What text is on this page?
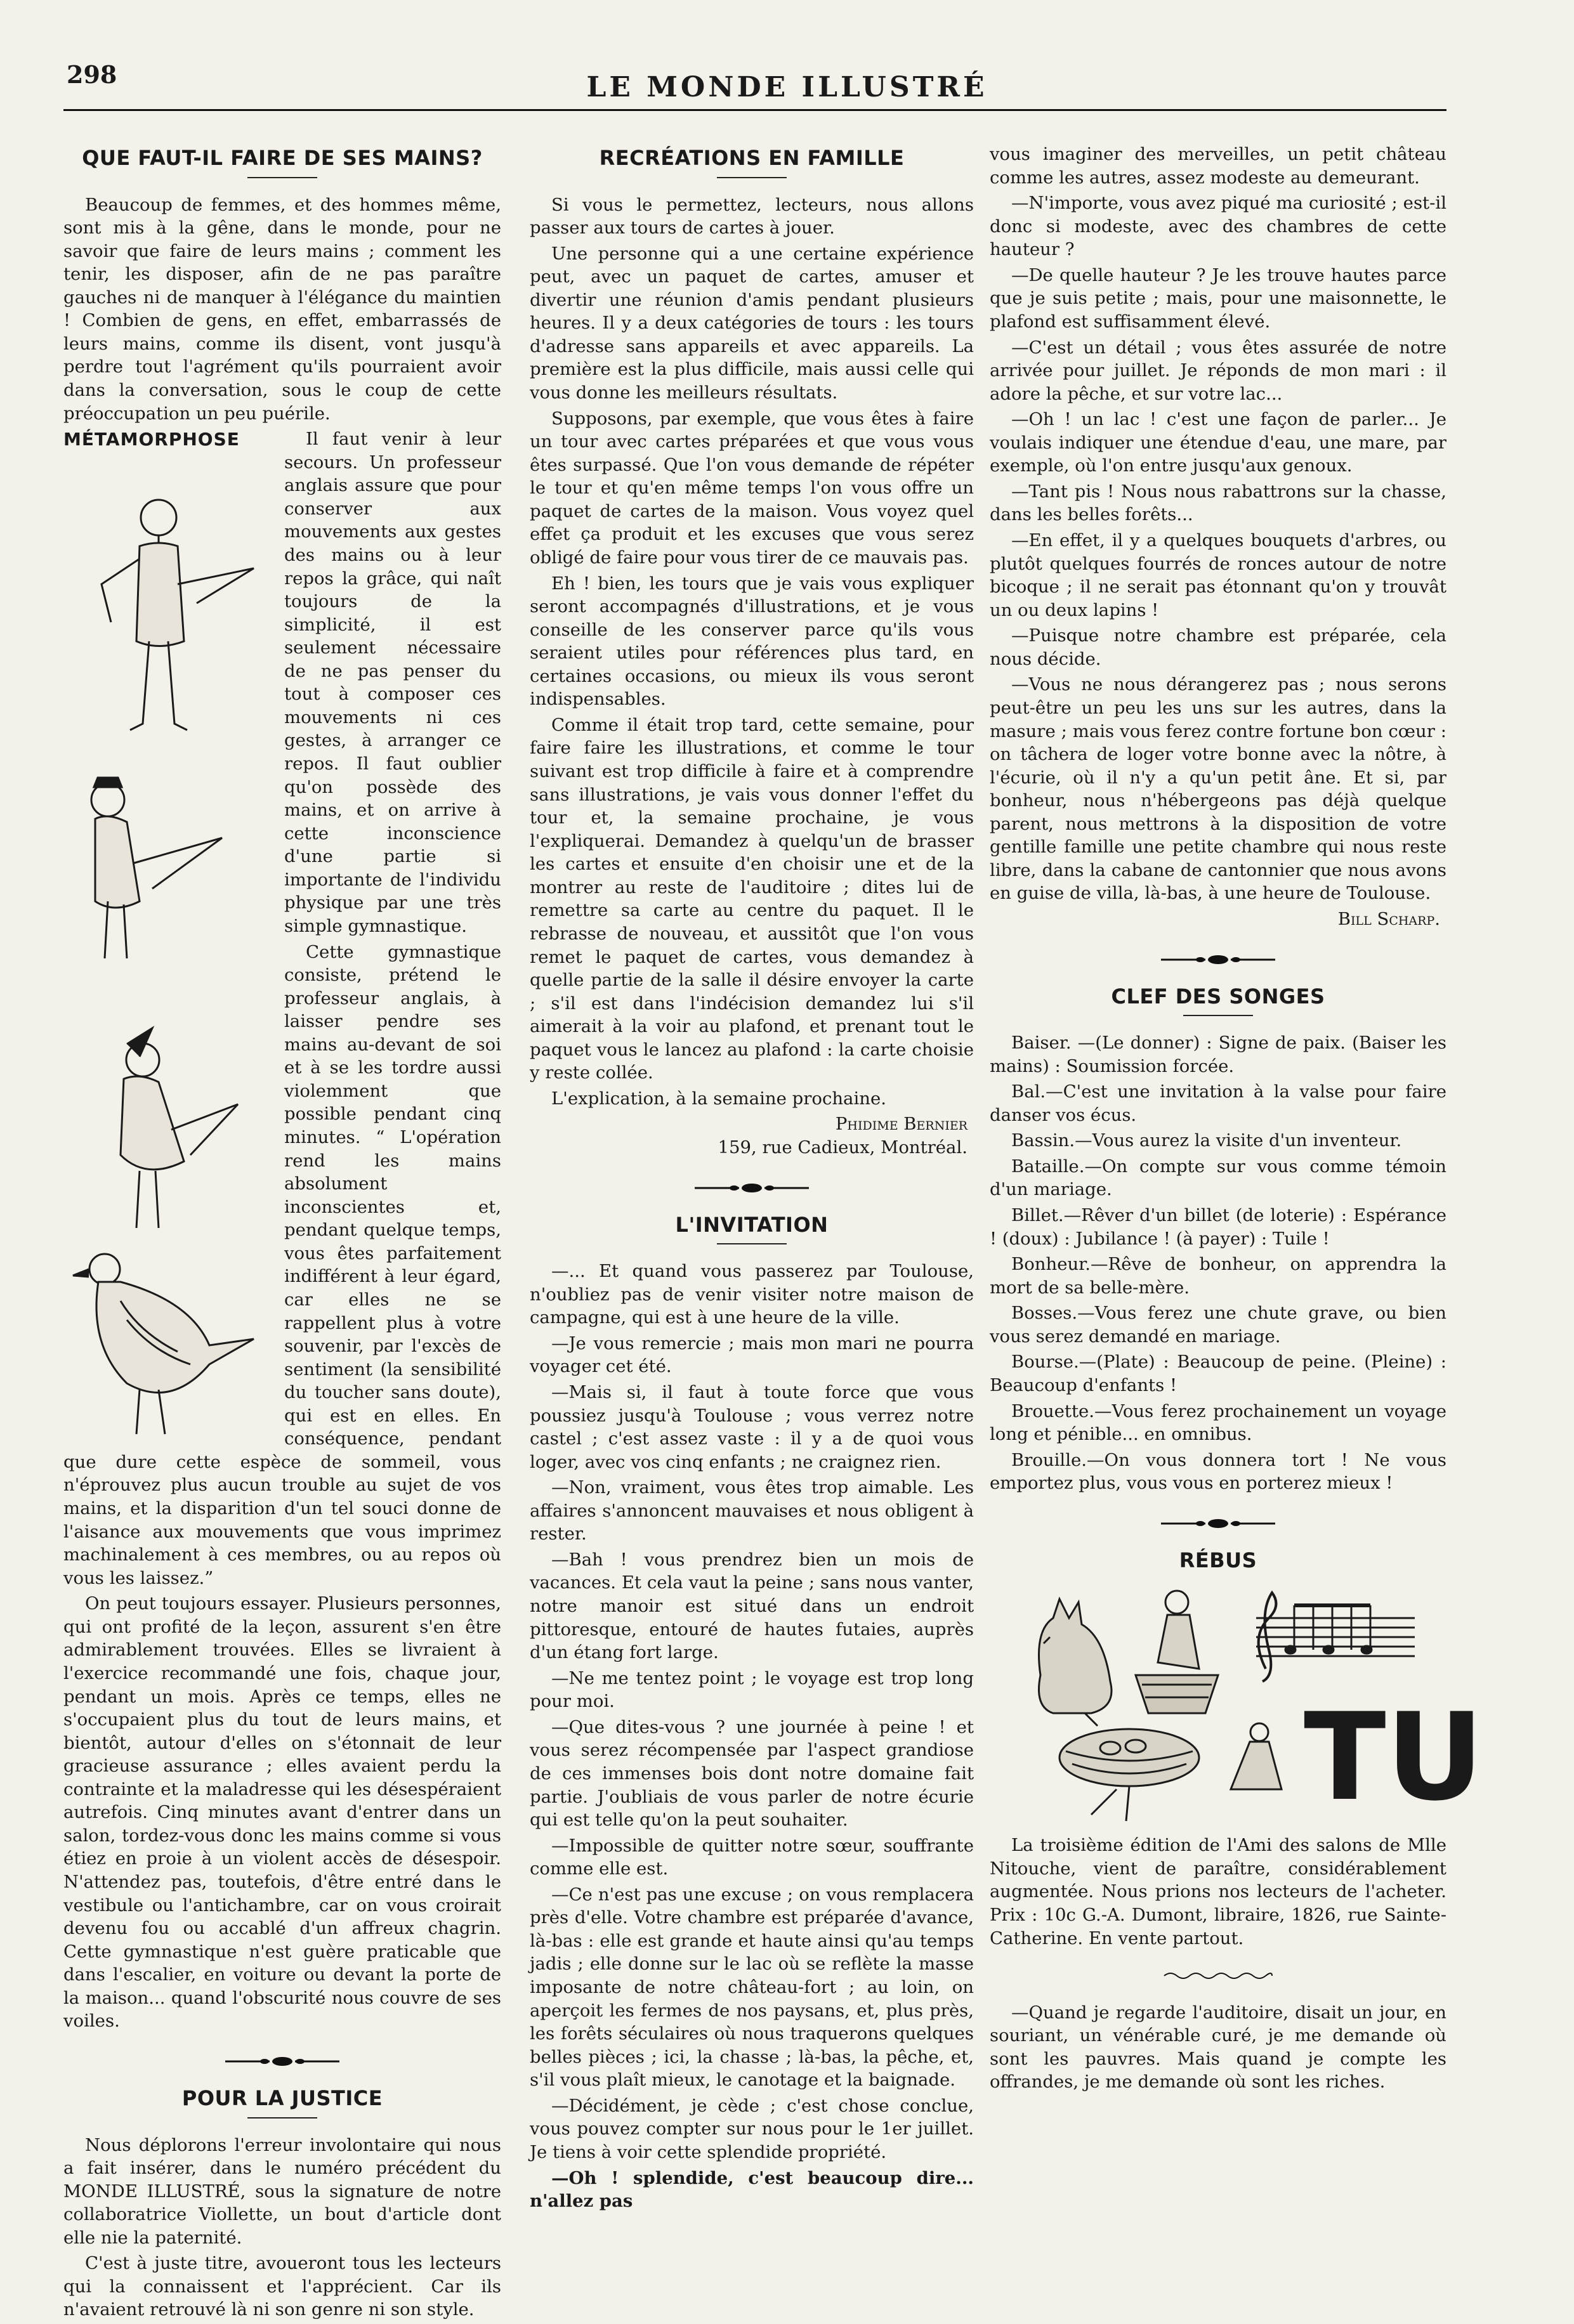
298	LE MONDE ILLUSTRÉ
QUE FAUT-IL FAIRE DE SES MAINS?

Beaucoup de femmes, et des hommes même, sont mis à la gêne, dans le monde, pour ne savoir que faire de leurs mains ; comment les tenir, les disposer, afin de ne pas paraître gauches ni de manquer à l'élégance du maintien ! Combien de gens, en effet, embarrassés de leurs mains, comme ils disent, vont jusqu'à perdre tout l'agrément qu'ils pourraient avoir dans la conversation, sous le coup de cette préoccupation un peu puérile.

MÉTAMORPHOSE	Il faut venir à leur secours. Un professeur anglais assure que pour conserver aux mouvements aux gestes des mains ou à leur repos la grâce, qui naît toujours de la simplicité, il est seulement nécessaire de ne pas penser du tout à composer ces mouvements ni ces gestes, à arranger ce repos. Il faut oublier qu'on possède des mains, et on arrive à cette inconscience d'une partie si importante de l'individu physique par une très simple gymnastique.

Cette gymnastique consiste, prétend le professeur anglais, à laisser pendre ses mains au-devant de soi et à se les tordre aussi violemment que possible pendant cinq minutes. “ L'opération rend les mains absolument inconscientes et, pendant quelque temps, vous êtes parfaitement indifférent à leur égard, car elles ne se rappellent plus à votre souvenir, par l'excès de sentiment (la sensibilité du toucher sans doute), qui est en elles. En conséquence, pendant que dure cette espèce de sommeil, vous n'éprouvez plus aucun trouble au sujet de vos mains, et la disparition d'un tel souci donne de l'aisance aux mouvements que vous imprimez machinalement à ces membres, ou au repos où vous les laissez.”

On peut toujours essayer. Plusieurs personnes, qui ont profité de la leçon, assurent s'en être admirablement trouvées. Elles se livraient à l'exercice recommandé une fois, chaque jour, pendant un mois. Après ce temps, elles ne s'occupaient plus du tout de leurs mains, et bientôt, autour d'elles on s'étonnait de leur gracieuse assurance ; elles avaient perdu la contrainte et la maladresse qui les désespéraient autrefois. Cinq minutes avant d'entrer dans un salon, tordez-vous donc les mains comme si vous étiez en proie à un violent accès de désespoir. N'attendez pas, toutefois, d'être entré dans le vestibule ou l'antichambre, car on vous croirait devenu fou ou accablé d'un affreux chagrin. Cette gymnastique n'est guère praticable que dans l'escalier, en voiture ou devant la porte de la maison... quand l'obscurité nous couvre de ses voiles.

POUR LA JUSTICE

Nous déplorons l'erreur involontaire qui nous a fait insérer, dans le numéro précédent du MONDE ILLUSTRÉ, sous la signature de notre collaboratrice Viollette, un bout d'article dont elle nie la paternité.

C'est à juste titre, avoueront tous les lecteurs qui la connaissent et l'apprécient. Car ils n'avaient retrouvé là ni son genre ni son style.

RECRÉATIONS EN FAMILLE

Si vous le permettez, lecteurs, nous allons passer aux tours de cartes à jouer.

Une personne qui a une certaine expérience peut, avec un paquet de cartes, amuser et divertir une réunion d'amis pendant plusieurs heures. Il y a deux catégories de tours : les tours d'adresse sans appareils et avec appareils. La première est la plus difficile, mais aussi celle qui vous donne les meilleurs résultats.

Supposons, par exemple, que vous êtes à faire un tour avec cartes préparées et que vous vous êtes surpassé. Que l'on vous demande de répéter le tour et qu'en même temps l'on vous offre un paquet de cartes de la maison. Vous voyez quel effet ça produit et les excuses que vous serez obligé de faire pour vous tirer de ce mauvais pas.

Eh ! bien, les tours que je vais vous expliquer seront accompagnés d'illustrations, et je vous conseille de les conserver parce qu'ils vous seraient utiles pour références plus tard, en certaines occasions, ou mieux ils vous seront indispensables.

Comme il était trop tard, cette semaine, pour faire faire les illustrations, et comme le tour suivant est trop difficile à faire et à comprendre sans illustrations, je vais vous donner l'effet du tour et, la semaine prochaine, je vous l'expliquerai. Demandez à quelqu'un de brasser les cartes et ensuite d'en choisir une et de la montrer au reste de l'auditoire ; dites lui de remettre sa carte au centre du paquet. Il le rebrasse de nouveau, et aussitôt que l'on vous remet le paquet de cartes, vous demandez à quelle partie de la salle il désire envoyer la carte ; s'il est dans l'indécision demandez lui s'il aimerait à la voir au plafond, et prenant tout le paquet vous le lancez au plafond : la carte choisie y reste collée.

L'explication, à la semaine prochaine.

Phidime Bernier
159, rue Cadieux, Montréal.
L'INVITATION

—... Et quand vous passerez par Toulouse, n'oubliez pas de venir visiter notre maison de campagne, qui est à une heure de la ville.

—Je vous remercie ; mais mon mari ne pourra voyager cet été.

—Mais si, il faut à toute force que vous poussiez jusqu'à Toulouse ; vous verrez notre castel ; c'est assez vaste : il y a de quoi vous loger, avec vos cinq enfants ; ne craignez rien.

—Non, vraiment, vous êtes trop aimable. Les affaires s'annoncent mauvaises et nous obligent à rester.

—Bah ! vous prendrez bien un mois de vacances. Et cela vaut la peine ; sans nous vanter, notre manoir est situé dans un endroit pittoresque, entouré de hautes futaies, auprès d'un étang fort large.

—Ne me tentez point ; le voyage est trop long pour moi.

—Que dites-vous ? une journée à peine ! et vous serez récompensée par l'aspect grandiose de ces immenses bois dont notre domaine fait partie. J'oubliais de vous parler de notre écurie qui est telle qu'on la peut souhaiter.

—Impossible de quitter notre sœur, souffrante comme elle est.

—Ce n'est pas une excuse ; on vous remplacera près d'elle. Votre chambre est préparée d'avance, là-bas : elle est grande et haute ainsi qu'au temps jadis ; elle donne sur le lac où se reflète la masse imposante de notre château-fort ; au loin, on aperçoit les fermes de nos paysans, et, plus près, les forêts séculaires où nous traquerons quelques belles pièces ; ici, la chasse ; là-bas, la pêche, et, s'il vous plaît mieux, le canotage et la baignade.

—Décidément, je cède ; c'est chose conclue, vous pouvez compter sur nous pour le 1er juillet. Je tiens à voir cette splendide propriété.

—Oh ! splendide, c'est beaucoup dire... n'allez pas

vous imaginer des merveilles, un petit château comme les autres, assez modeste au demeurant.

—N'importe, vous avez piqué ma curiosité ; est-il donc si modeste, avec des chambres de cette hauteur ?

—De quelle hauteur ? Je les trouve hautes parce que je suis petite ; mais, pour une maisonnette, le plafond est suffisamment élevé.

—C'est un détail ; vous êtes assurée de notre arrivée pour juillet. Je réponds de mon mari : il adore la pêche, et sur votre lac...

—Oh ! un lac ! c'est une façon de parler... Je voulais indiquer une étendue d'eau, une mare, par exemple, où l'on entre jusqu'aux genoux.

—Tant pis ! Nous nous rabattrons sur la chasse, dans les belles forêts...

—En effet, il y a quelques bouquets d'arbres, ou plutôt quelques fourrés de ronces autour de notre bicoque ; il ne serait pas étonnant qu'on y trouvât un ou deux lapins !

—Puisque notre chambre est préparée, cela nous décide.

—Vous ne nous dérangerez pas ; nous serons peut-être un peu les uns sur les autres, dans la masure ; mais vous ferez contre fortune bon cœur : on tâchera de loger votre bonne avec la nôtre, à l'écurie, où il n'y a qu'un petit âne. Et si, par bonheur, nous n'hébergeons pas déjà quelque parent, nous mettrons à la disposition de votre gentille famille une petite chambre qui nous reste libre, dans la cabane de cantonnier que nous avons en guise de villa, là-bas, à une heure de Toulouse.

Bill Scharp.
CLEF DES SONGES

Baiser. —(Le donner) : Signe de paix. (Baiser les mains) : Soumission forcée.

Bal.—C'est une invitation à la valse pour faire danser vos écus.

Bassin.—Vous aurez la visite d'un inventeur.

Bataille.—On compte sur vous comme témoin d'un mariage.

Billet.—Rêver d'un billet (de loterie) : Espérance ! (doux) : Jubilance ! (à payer) : Tuile !

Bonheur.—Rêve de bonheur, on apprendra la mort de sa belle-mère.

Bosses.—Vous ferez une chute grave, ou bien vous serez demandé en mariage.

Bourse.—(Plate) : Beaucoup de peine. (Pleine) : Beaucoup d'enfants !

Brouette.—Vous ferez prochainement un voyage long et pénible... en omnibus.

Brouille.—On vous donnera tort ! Ne vous emportez plus, vous vous en porterez mieux !

RÉBUS
TU

La troisième édition de l'Ami des salons de Mlle Nitouche, vient de paraître, considérablement augmentée. Nous prions nos lecteurs de l'acheter. Prix : 10c G.-A. Dumont, libraire, 1826, rue Sainte-Catherine. En vente partout.

—Quand je regarde l'auditoire, disait un jour, en souriant, un vénérable curé, je me demande où sont les pauvres. Mais quand je compte les offrandes, je me demande où sont les riches.
